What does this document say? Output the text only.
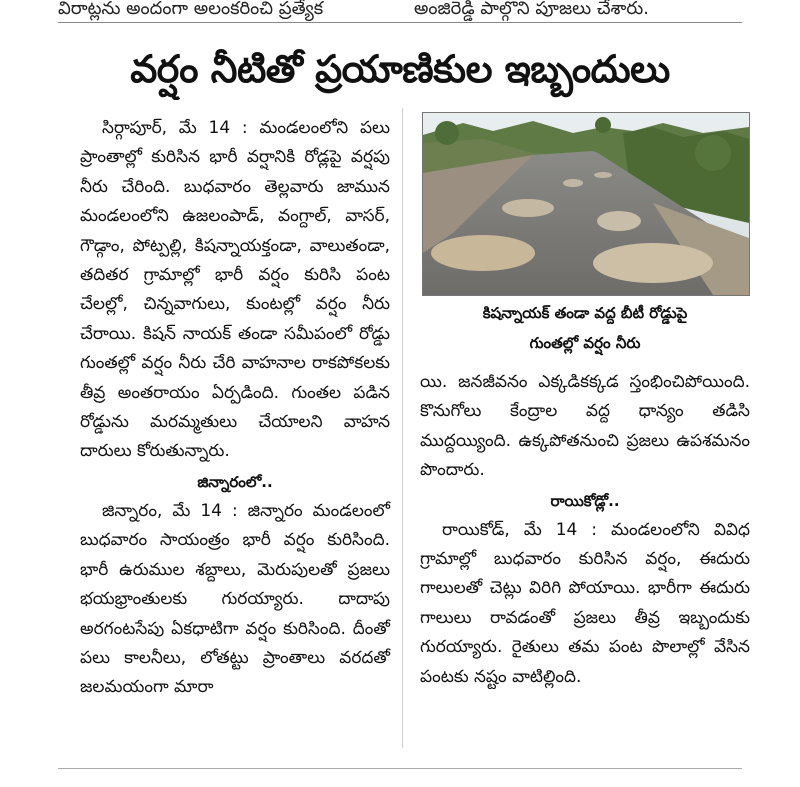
విరాట్లను అందంగా అలంకరించి ప్రత్యేక	అంజిరెడ్డి పాల్గొని పూజలు చేశారు.
వర్షం నీటితో ప్రయాణికుల ఇబ్బందులు

సిర్గాపూర్, మే 14 : మండలంలోని పలు ప్రాంతాల్లో కురిసిన భారీ వర్షానికి రోడ్లపై వర్షపు నీరు చేరింది. బుధవారం తెల్లవారు జామున మండలంలోని ఉజలంపాడ్, వంగ్దాల్, వాసర్, గౌడ్గాం, పోట్పల్లి, కిషన్నాయక్తండా, వాలుతండా, తదితర గ్రామాల్లో భారీ వర్షం కురిసి పంట చేలల్లో, చిన్నవాగులు, కుంటల్లో వర్షం నీరు చేరాయి. కిషన్ నాయక్ తండా సమీపంలో రోడ్డు గుంతల్లో వర్షం నీరు చేరి వాహనాల రాకపోకలకు తీవ్ర అంతరాయం ఏర్పడింది. గుంతల పడిన రోడ్డును మరమ్మతులు చేయాలని వాహన దారులు కోరుతున్నారు.

జిన్నారంలో..

జిన్నారం, మే 14 : జిన్నారం మండలంలో బుధవారం సాయంత్రం భారీ వర్షం కురిసింది. భారీ ఉరుముల శబ్దాలు, మెరుపులతో ప్రజలు భయభ్రాంతులకు గురయ్యారు. దాదాపు అరగంటసేపు ఏకధాటిగా వర్షం కురిసింది. దీంతో పలు కాలనీలు, లోతట్టు ప్రాంతాలు వరదతో జలమయంగా మారా

కిషన్నాయక్ తండా వద్ద బీటీ రోడ్డుపై
గుంతల్లో వర్షం నీరు

యి. జనజీవనం ఎక్కడికక్కడ స్తంభించిపోయింది. కొనుగోలు కేంద్రాల వద్ద ధాన్యం తడిసి ముద్దయ్యింది. ఉక్కపోతనుంచి ప్రజలు ఉపశమనం పొందారు.

రాయికోడ్లో..

రాయికోడ్, మే 14 : మండలంలోని వివిధ గ్రామాల్లో బుధవారం కురిసిన వర్షం, ఈదురు గాలులతో చెట్లు విరిగి పోయాయి. భారీగా ఈదురు గాలులు రావడంతో ప్రజలు తీవ్ర ఇబ్బందుకు గురయ్యారు. రైతులు తమ పంట పొలాల్లో వేసిన పంటకు నష్టం వాటిల్లింది.
